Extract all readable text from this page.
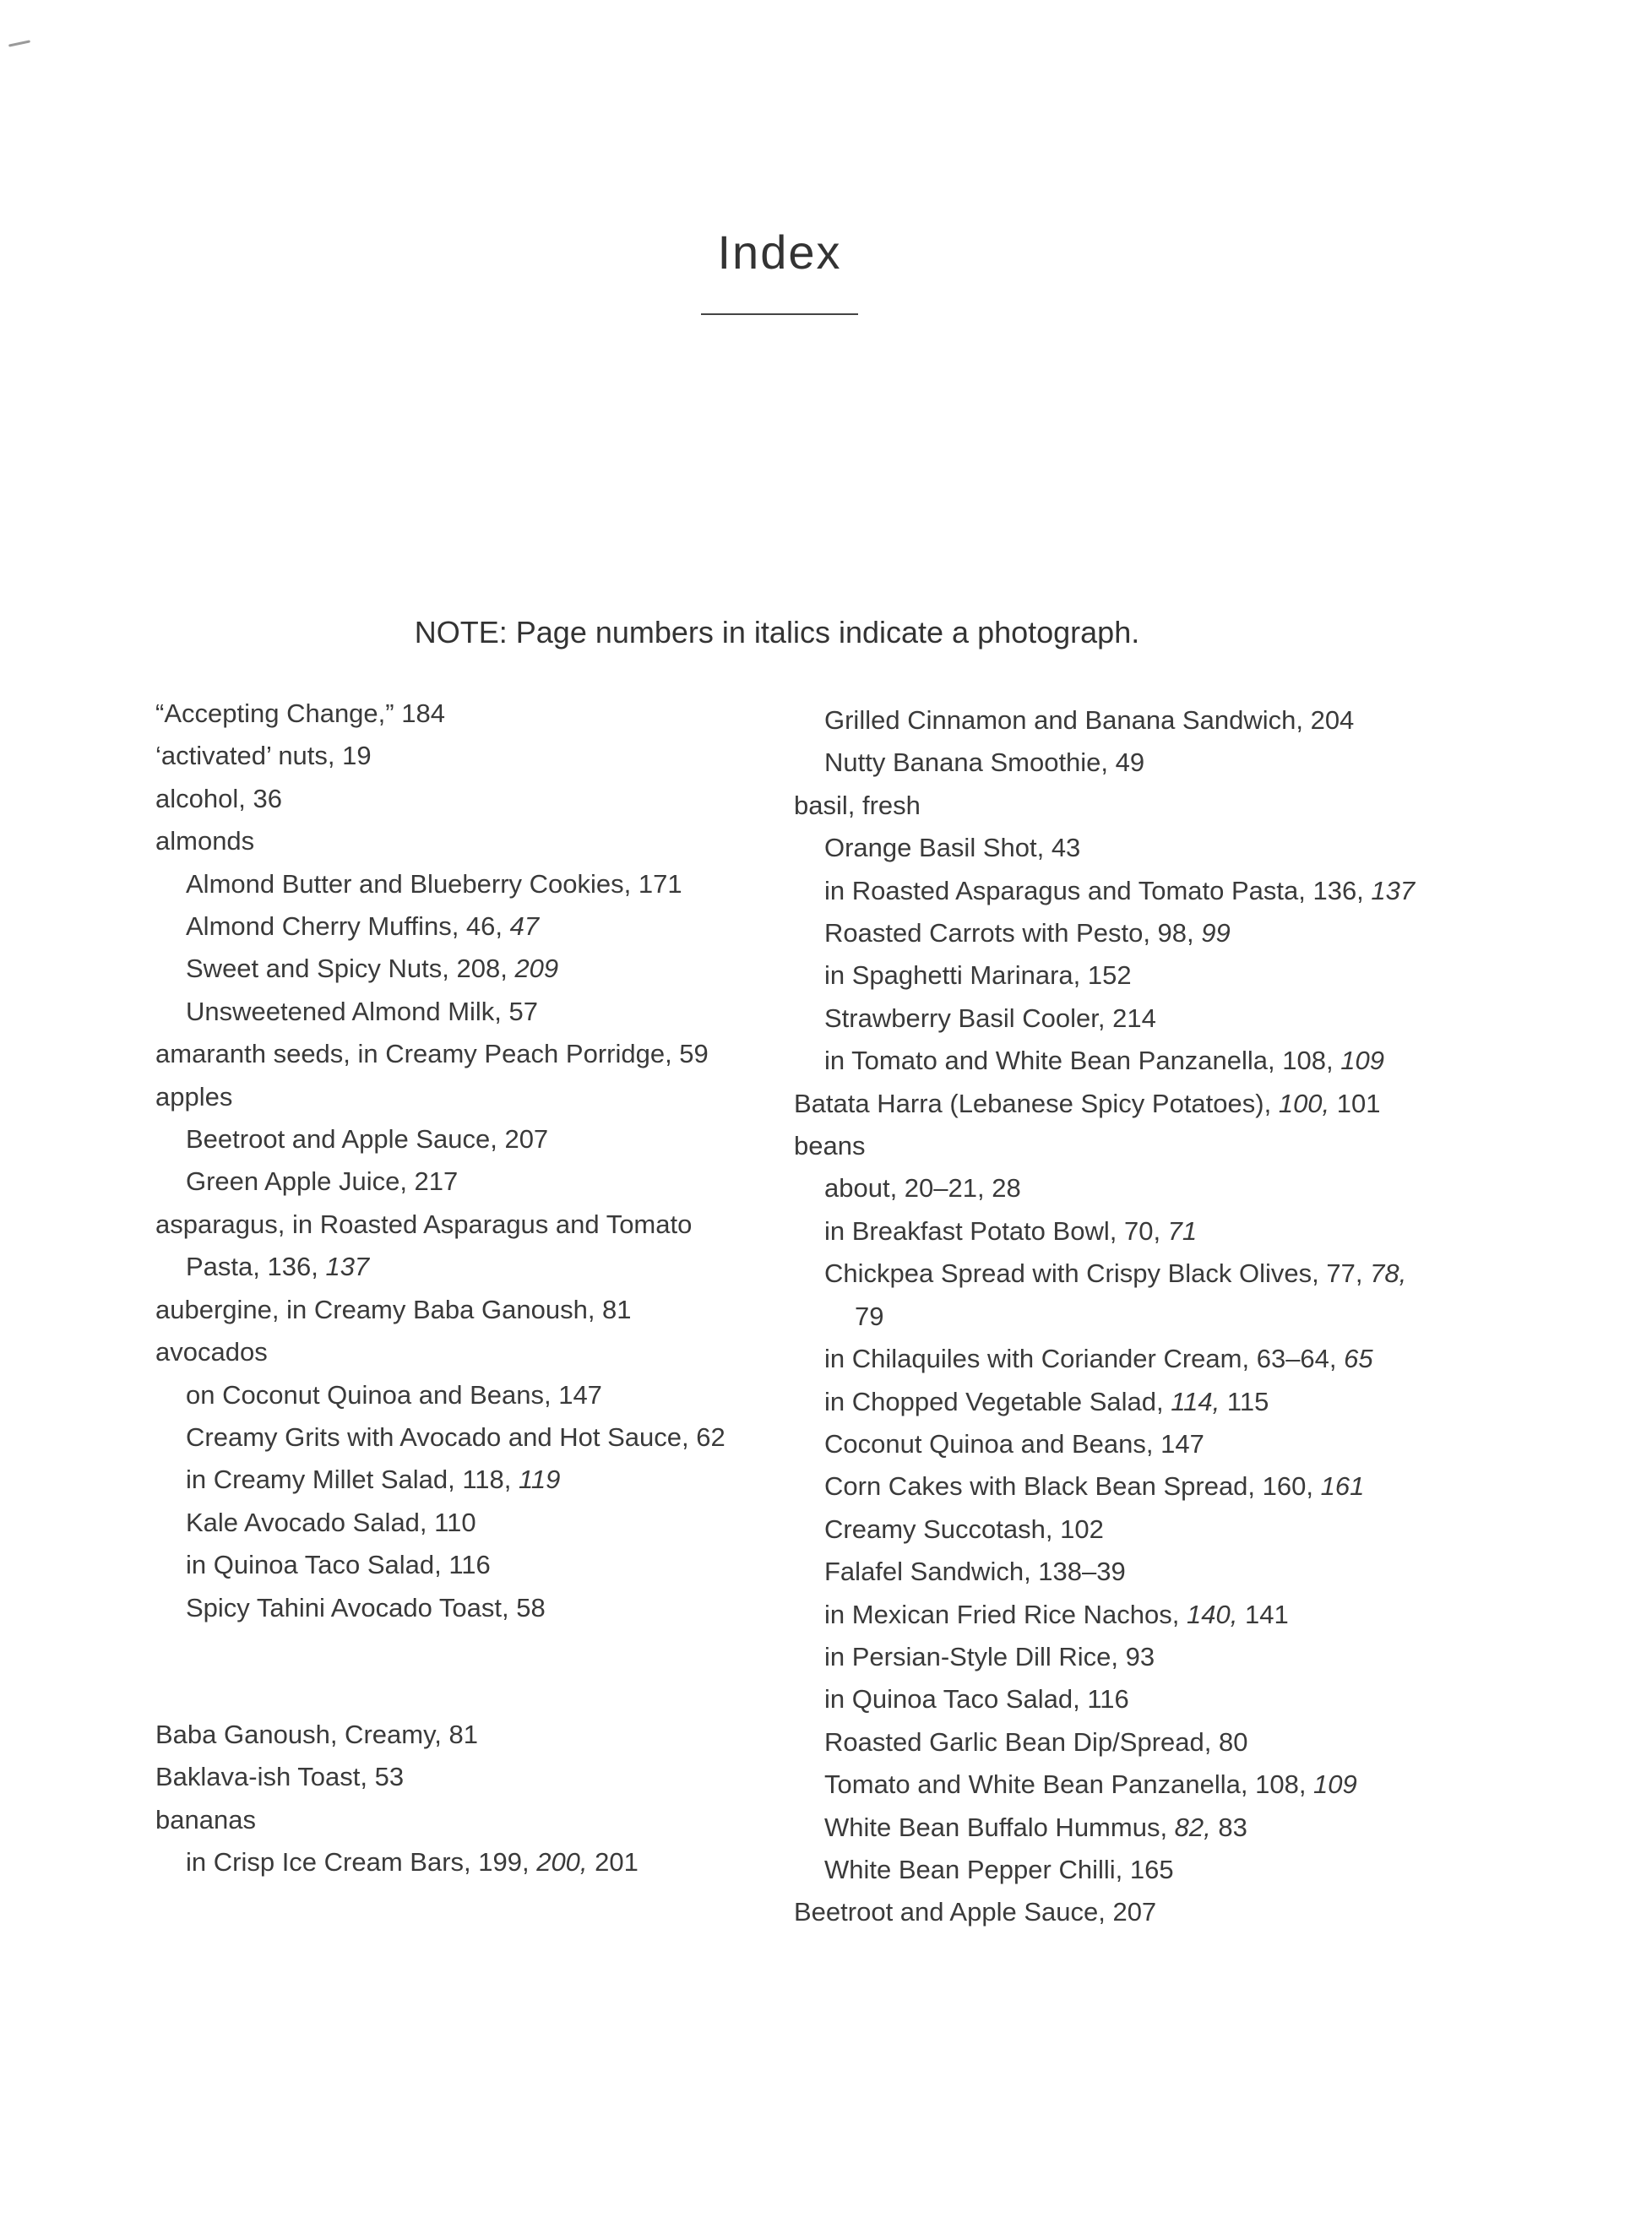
Index

NOTE: Page numbers in italics indicate a photograph.

“Accepting Change,” 184
‘activated’ nuts, 19
alcohol, 36
almonds
Almond Butter and Blueberry Cookies, 171
Almond Cherry Muffins, 46, 47
Sweet and Spicy Nuts, 208, 209
Unsweetened Almond Milk, 57
amaranth seeds, in Creamy Peach Porridge, 59
apples
Beetroot and Apple Sauce, 207
Green Apple Juice, 217
asparagus, in Roasted Asparagus and Tomato Pasta, 136, 137
aubergine, in Creamy Baba Ganoush, 81
avocados
on Coconut Quinoa and Beans, 147
Creamy Grits with Avocado and Hot Sauce, 62
in Creamy Millet Salad, 118, 119
Kale Avocado Salad, 110
in Quinoa Taco Salad, 116
Spicy Tahini Avocado Toast, 58
Baba Ganoush, Creamy, 81
Baklava-ish Toast, 53
bananas
in Crisp Ice Cream Bars, 199, 200, 201
Grilled Cinnamon and Banana Sandwich, 204
Nutty Banana Smoothie, 49
basil, fresh
Orange Basil Shot, 43
in Roasted Asparagus and Tomato Pasta, 136, 137
Roasted Carrots with Pesto, 98, 99
in Spaghetti Marinara, 152
Strawberry Basil Cooler, 214
in Tomato and White Bean Panzanella, 108, 109
Batata Harra (Lebanese Spicy Potatoes), 100, 101
beans
about, 20–21, 28
in Breakfast Potato Bowl, 70, 71
Chickpea Spread with Crispy Black Olives, 77, 78, 79
in Chilaquiles with Coriander Cream, 63–64, 65
in Chopped Vegetable Salad, 114, 115
Coconut Quinoa and Beans, 147
Corn Cakes with Black Bean Spread, 160, 161
Creamy Succotash, 102
Falafel Sandwich, 138–39
in Mexican Fried Rice Nachos, 140, 141
in Persian-Style Dill Rice, 93
in Quinoa Taco Salad, 116
Roasted Garlic Bean Dip/Spread, 80
Tomato and White Bean Panzanella, 108, 109
White Bean Buffalo Hummus, 82, 83
White Bean Pepper Chilli, 165
Beetroot and Apple Sauce, 207
